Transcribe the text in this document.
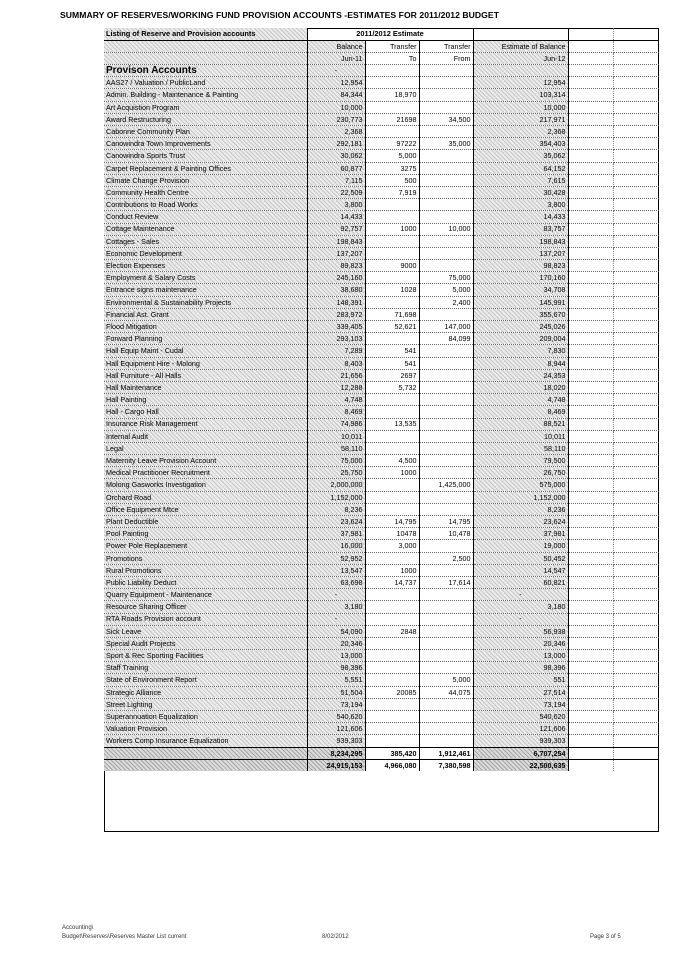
SUMMARY OF RESERVES/WORKING FUND PROVISION ACCOUNTS -ESTIMATES FOR 2011/2012 BUDGET
Listing of Reserve and Provision accounts	2011/2012 Estimate					
	Balance	Transfer	Transfer	Estimate of Balance		
	Jun-11	To	From	Jun-12		
Provison Accounts	-					
AAS27 / Valuation / PublicLand	12,954			12,954		
Admin. Building - Maintenance & Painting	84,344	18,970		103,314		
Art Acquistion Program	10,000			10,000		
Award Restructuring	230,773	21698	34,500	217,971		
Cabonne Community Plan	2,368			2,368		
Canowindra Town Improvements	292,181	97222	35,000	354,403		
Canowindra Sports Trust	30,062	5,000		35,062		
Carpet Replacement & Painting Offices	60,877	3275		64,152		
Climate Change Provision	7,115	500		7,615		
Community Health Centre	22,509	7,919		30,428		
Contributions to Road Works	3,800			3,800		
Conduct Review	14,433			14,433		
Cottage Maintenance	92,757	1000	10,000	83,757		
Cottages - Sales	198,843			198,843		
Economic Development	137,207			137,207		
Election Expenses	89,823	9000		98,823		
Employment & Salary Costs	245,160		75,000	170,160		
Entrance signs maintenance	38,680	1028	5,000	34,708		
Environmental & Sustainability Projects	148,391		2,400	145,991		
Financial Ast. Grant	283,972	71,698		355,670		
Flood Mitigation	339,405	52,621	147,000	245,026		
Forward Planning	293,103		84,099	209,004		
Hall Equip Maint - Cudal	7,289	541		7,830		
Hall Equipment Hire - Molong	8,403	541		8,944		
Hall Furniture - All Halls	21,656	2697		24,353		
Hall Maintenance	12,288	5,732		18,020		
Hall Painting	4,748			4,748		
Hall - Cargo Hall	8,469			8,469		
Insurance Risk Management	74,986	13,535		88,521		
Internal Audit	10,011			10,011		
Legal	58,110			58,110		
Maternity Leave Provision Account	75,000	4,500		79,500		
Medical Practitioner Recruitment	25,750	1000		26,750		
Molong Gasworks Investigation	2,000,000		1,425,000	575,000		
Orchard Road	1,152,000			1,152,000		
Office Equipment Mtce	8,236			8,236		
Plant Deductible	23,624	14,795	14,795	23,624		
Pool Painting	37,981	10478	10,478	37,981		
Power Pole Replacement	16,000	3,000		19,000		
Promotions	52,952		2,500	50,452		
Rural Promotions	13,547	1000		14,547		
Public Liability Deduct	63,698	14,737	17,614	60,821		
Quarry Equipment - Maintenance	-			-		
Resource Sharing Officer	3,180			3,180		
RTA Roads Provision account	-			-		
Sick Leave	54,090	2848		56,938		
Special Audit Projects	20,346			20,346		
Sport & Rec Sporting Facilities	13,000			13,000		
Staff Training	98,396			98,396		
State of Environment Report	5,551		5,000	551		
Strategic Alliance	51,504	20085	44,075	27,514		
Street Lighting	73,194			73,194		
Superannuation Equalization	540,620			540,620		
Valuation Provision	121,606			121,606		
Workers Comp Insurance Equalization	939,303			939,303		
	8,234,295	385,420	1,912,461	6,707,254		
	24,915,153	4,966,080	7,380,598	22,500,635		
Accounting\
Budget\Reserves\Reserves Master List current	8/02/2012	Page 3 of 5
